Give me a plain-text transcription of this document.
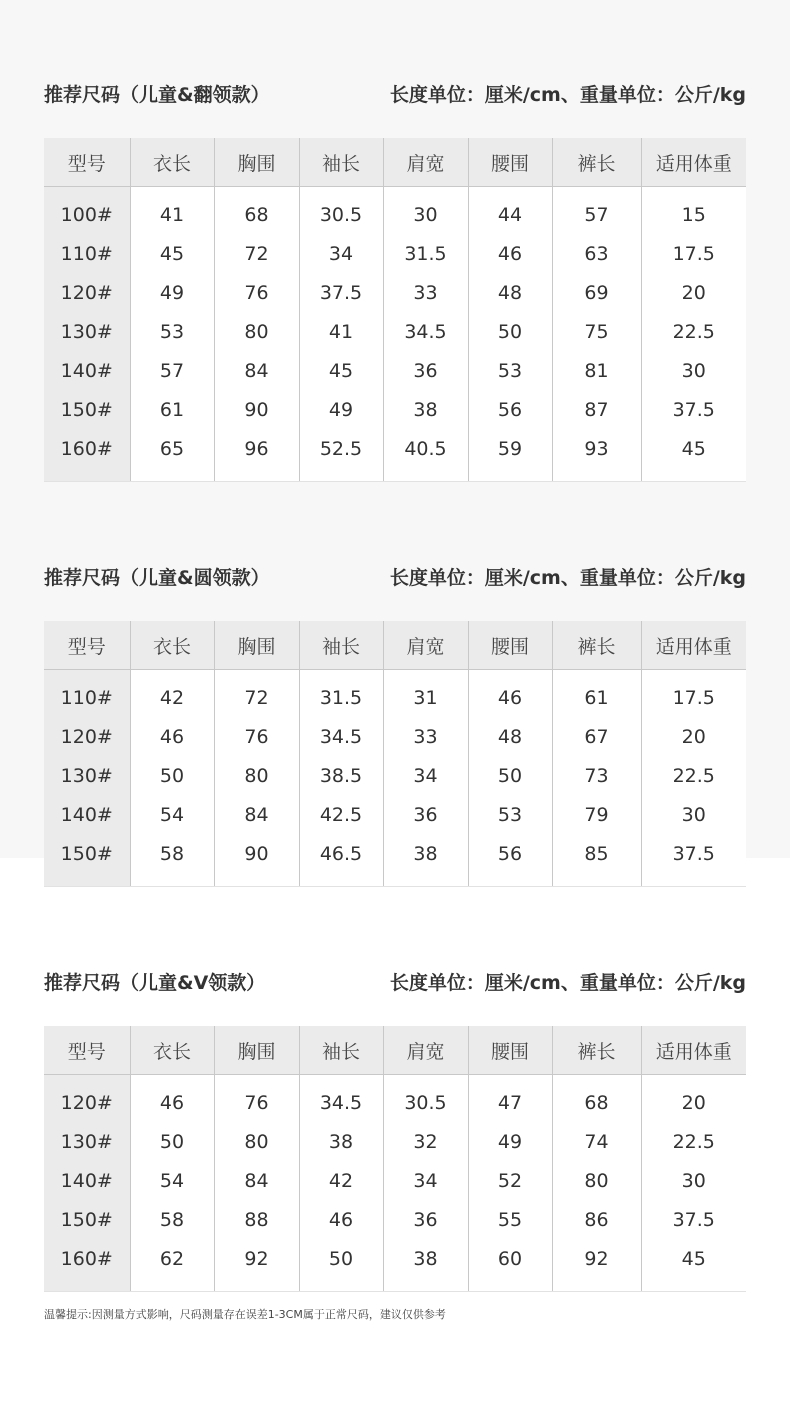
推荐尺码（儿童&翻领款）	长度单位：厘米/cm、重量单位：公斤/kg
型号	衣长	胸围	袖长	肩宽	腰围	裤长	适用体重

100#	41	68	30.5	30	44	57	15
110#	45	72	34	31.5	46	63	17.5
120#	49	76	37.5	33	48	69	20
130#	53	80	41	34.5	50	75	22.5
140#	57	84	45	36	53	81	30
150#	61	90	49	38	56	87	37.5
160#	65	96	52.5	40.5	59	93	45

推荐尺码（儿童&圆领款）	长度单位：厘米/cm、重量单位：公斤/kg
型号	衣长	胸围	袖长	肩宽	腰围	裤长	适用体重

110#	42	72	31.5	31	46	61	17.5
120#	46	76	34.5	33	48	67	20
130#	50	80	38.5	34	50	73	22.5
140#	54	84	42.5	36	53	79	30
150#	58	90	46.5	38	56	85	37.5

推荐尺码（儿童&V领款）	长度单位：厘米/cm、重量单位：公斤/kg
型号	衣长	胸围	袖长	肩宽	腰围	裤长	适用体重

120#	46	76	34.5	30.5	47	68	20
130#	50	80	38	32	49	74	22.5
140#	54	84	42	34	52	80	30
150#	58	88	46	36	55	86	37.5
160#	62	92	50	38	60	92	45

温馨提示:因测量方式影响，尺码测量存在误差1-3CM属于正常尺码，建议仅供参考
